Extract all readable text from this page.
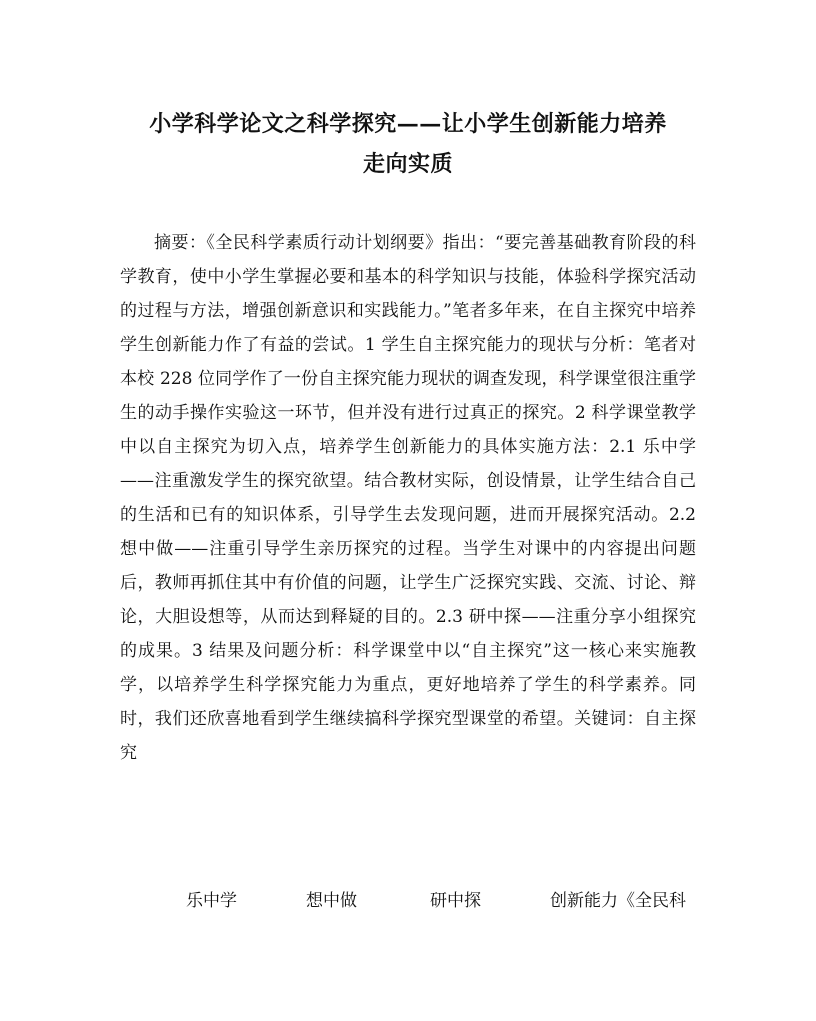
小学科学论文之科学探究——让小学生创新能力培养
走向实质

摘要：《全民科学素质行动计划纲要》指出：“要完善基础教育阶段的科学教育，使中小学生掌握必要和基本的科学知识与技能，体验科学探究活动的过程与方法，增强创新意识和实践能力。”笔者多年来，在自主探究中培养学生创新能力作了有益的尝试。1 学生自主探究能力的现状与分析：笔者对本校 228 位同学作了一份自主探究能力现状的调查发现，科学课堂很注重学生的动手操作实验这一环节，但并没有进行过真正的探究。2 科学课堂教学中以自主探究为切入点，培养学生创新能力的具体实施方法：2.1 乐中学——注重激发学生的探究欲望。结合教材实际，创设情景，让学生结合自己的生活和已有的知识体系，引导学生去发现问题，进而开展探究活动。2.2 想中做——注重引导学生亲历探究的过程。当学生对课中的内容提出问题后，教师再抓住其中有价值的问题，让学生广泛探究实践、交流、讨论、辩论，大胆设想等，从而达到释疑的目的。2.3 研中探——注重分享小组探究的成果。3 结果及问题分析：科学课堂中以“自主探究”这一核心来实施教学，以培养学生科学探究能力为重点，更好地培养了学生的科学素养。同时，我们还欣喜地看到学生继续搞科学探究型课堂的希望。关键词：自主探究

乐中学	想中做	研中探	创新能力《全民科
